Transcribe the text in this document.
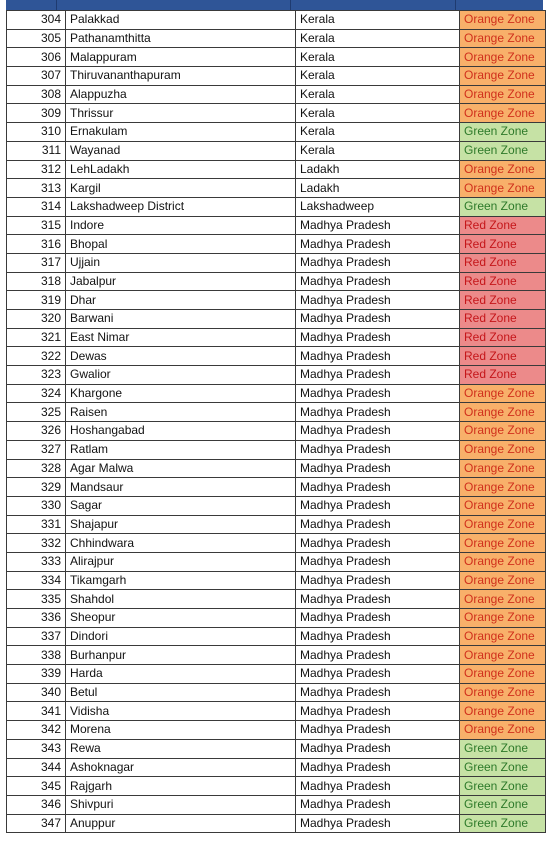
304	Palakkad	Kerala	Orange Zone
305	Pathanamthitta	Kerala	Orange Zone
306	Malappuram	Kerala	Orange Zone
307	Thiruvananthapuram	Kerala	Orange Zone
308	Alappuzha	Kerala	Orange Zone
309	Thrissur	Kerala	Orange Zone
310	Ernakulam	Kerala	Green Zone
311	Wayanad	Kerala	Green Zone
312	LehLadakh	Ladakh	Orange Zone
313	Kargil	Ladakh	Orange Zone
314	Lakshadweep District	Lakshadweep	Green Zone
315	Indore	Madhya Pradesh	Red Zone
316	Bhopal	Madhya Pradesh	Red Zone
317	Ujjain	Madhya Pradesh	Red Zone
318	Jabalpur	Madhya Pradesh	Red Zone
319	Dhar	Madhya Pradesh	Red Zone
320	Barwani	Madhya Pradesh	Red Zone
321	East Nimar	Madhya Pradesh	Red Zone
322	Dewas	Madhya Pradesh	Red Zone
323	Gwalior	Madhya Pradesh	Red Zone
324	Khargone	Madhya Pradesh	Orange Zone
325	Raisen	Madhya Pradesh	Orange Zone
326	Hoshangabad	Madhya Pradesh	Orange Zone
327	Ratlam	Madhya Pradesh	Orange Zone
328	Agar Malwa	Madhya Pradesh	Orange Zone
329	Mandsaur	Madhya Pradesh	Orange Zone
330	Sagar	Madhya Pradesh	Orange Zone
331	Shajapur	Madhya Pradesh	Orange Zone
332	Chhindwara	Madhya Pradesh	Orange Zone
333	Alirajpur	Madhya Pradesh	Orange Zone
334	Tikamgarh	Madhya Pradesh	Orange Zone
335	Shahdol	Madhya Pradesh	Orange Zone
336	Sheopur	Madhya Pradesh	Orange Zone
337	Dindori	Madhya Pradesh	Orange Zone
338	Burhanpur	Madhya Pradesh	Orange Zone
339	Harda	Madhya Pradesh	Orange Zone
340	Betul	Madhya Pradesh	Orange Zone
341	Vidisha	Madhya Pradesh	Orange Zone
342	Morena	Madhya Pradesh	Orange Zone
343	Rewa	Madhya Pradesh	Green Zone
344	Ashoknagar	Madhya Pradesh	Green Zone
345	Rajgarh	Madhya Pradesh	Green Zone
346	Shivpuri	Madhya Pradesh	Green Zone
347	Anuppur	Madhya Pradesh	Green Zone
